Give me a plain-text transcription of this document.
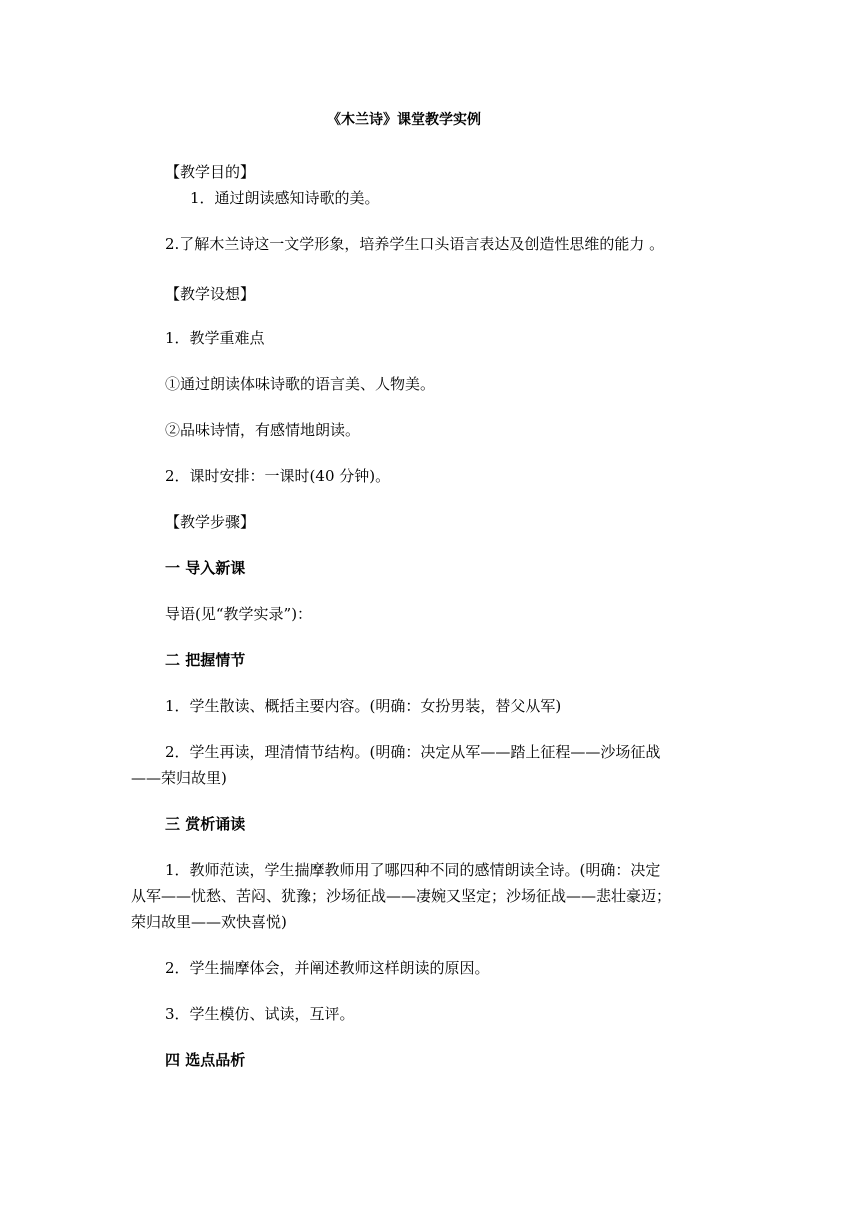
《木兰诗》课堂教学实例
【教学目的】
1．通过朗读感知诗歌的美。
2.了解木兰诗这一文学形象，培养学生口头语言表达及创造性思维的能力 。
【教学设想】
1．教学重难点
①通过朗读体味诗歌的语言美、人物美。
②品味诗情，有感情地朗读。
2．课时安排：一课时(40 分钟)。
【教学步骤】
一 导入新课
导语(见“教学实录”)：
二 把握情节
1．学生散读、概括主要内容。(明确：女扮男装，替父从军)
2．学生再读，理清情节结构。(明确：决定从军——踏上征程——沙场征战
——荣归故里)
三 赏析诵读
1．教师范读，学生揣摩教师用了哪四种不同的感情朗读全诗。(明确：决定
从军——忧愁、苦闷、犹豫；沙场征战——凄婉又坚定；沙场征战——悲壮豪迈；
荣归故里——欢快喜悦)
2．学生揣摩体会，并阐述教师这样朗读的原因。
3．学生模仿、试读，互评。
四 选点品析
